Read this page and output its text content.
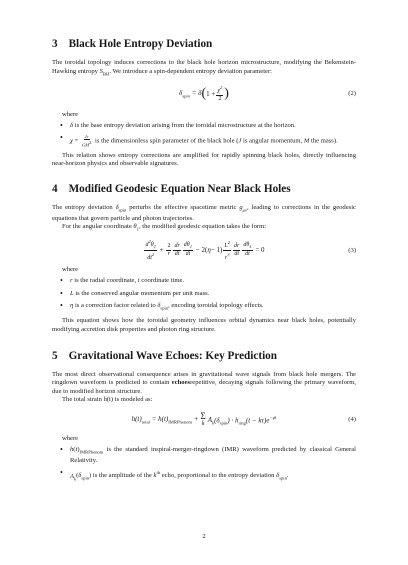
3 Black Hole Entropy Deviation

The toroidal topology induces corrections to the black hole horizon microstructure, modifying the Bekenstein-Hawking entropy $S_{BH}$. We introduce a spin-dependent entropy deviation parameter:

$\delta_{spin} = \delta$ ( $1 + \frac{\chi^2}{2}$ )	(2)
where
• δ is the base entropy deviation arising from the toroidal microstructure at the horizon.
• $\chi = \frac{Jc}{GM^2}$ is the dimensionless spin parameter of the black hole (J is angular momentum, M the mass).

This relation shows entropy corrections are amplified for rapidly spinning black holes, directly influencing near-horizon physics and observable signatures.

4 Modified Geodesic Equation Near Black Holes

The entropy deviation $\delta_{spin}$ perturbs the effective spacetime metric $g_{\mu\nu}$, leading to corrections in the geodesic equations that govern particle and photon trajectories.

For the angular coordinate $\theta_1$, the modified geodesic equation takes the form:

$\frac{d^2\theta_1}{dt^2} + \frac{2}{r} \frac{dr}{dt} \frac{d\theta_1}{dt} - 2$( $\eta - 1) \frac{L^2}{r^3} \frac{dr}{dt} \frac{d\theta_1}{dt} = 0$	(3)
where
• r is the radial coordinate, t coordinate time.
• L is the conserved angular momentum per unit mass.
• η is a correction factor related to $\delta_{spin}$, encoding toroidal topology effects.

This equation shows how the toroidal geometry influences orbital dynamics near black holes, potentially modifying accretion disk properties and photon ring structure.

5 Gravitational Wave Echoes: Key Prediction

The most direct observational consequence arises in gravitational wave signals from black hole mergers. The ringdown waveform is predicted to contain echoesrepetitive, decaying signals following the primary waveform, due to modified horizon structure.

The total strain h(t) is modeled as:

$h(t)_{total} = h(t)_{IMRPhenom} + \Sigma$
k
$A_k(\delta_{spin}) \cdot h_{ring}(t - k\tau)e^{-\gamma k}$	(4)
where
• $h(t)_{IMRPhenom}$ is the standard inspiral-merger-ringdown (IMR) waveform predicted by classical General Relativity.
• $A_k(\delta_{spin})$ is the amplitude of the $k^{th}$ echo, proportional to the entropy deviation $\delta_{spin}$.
2
